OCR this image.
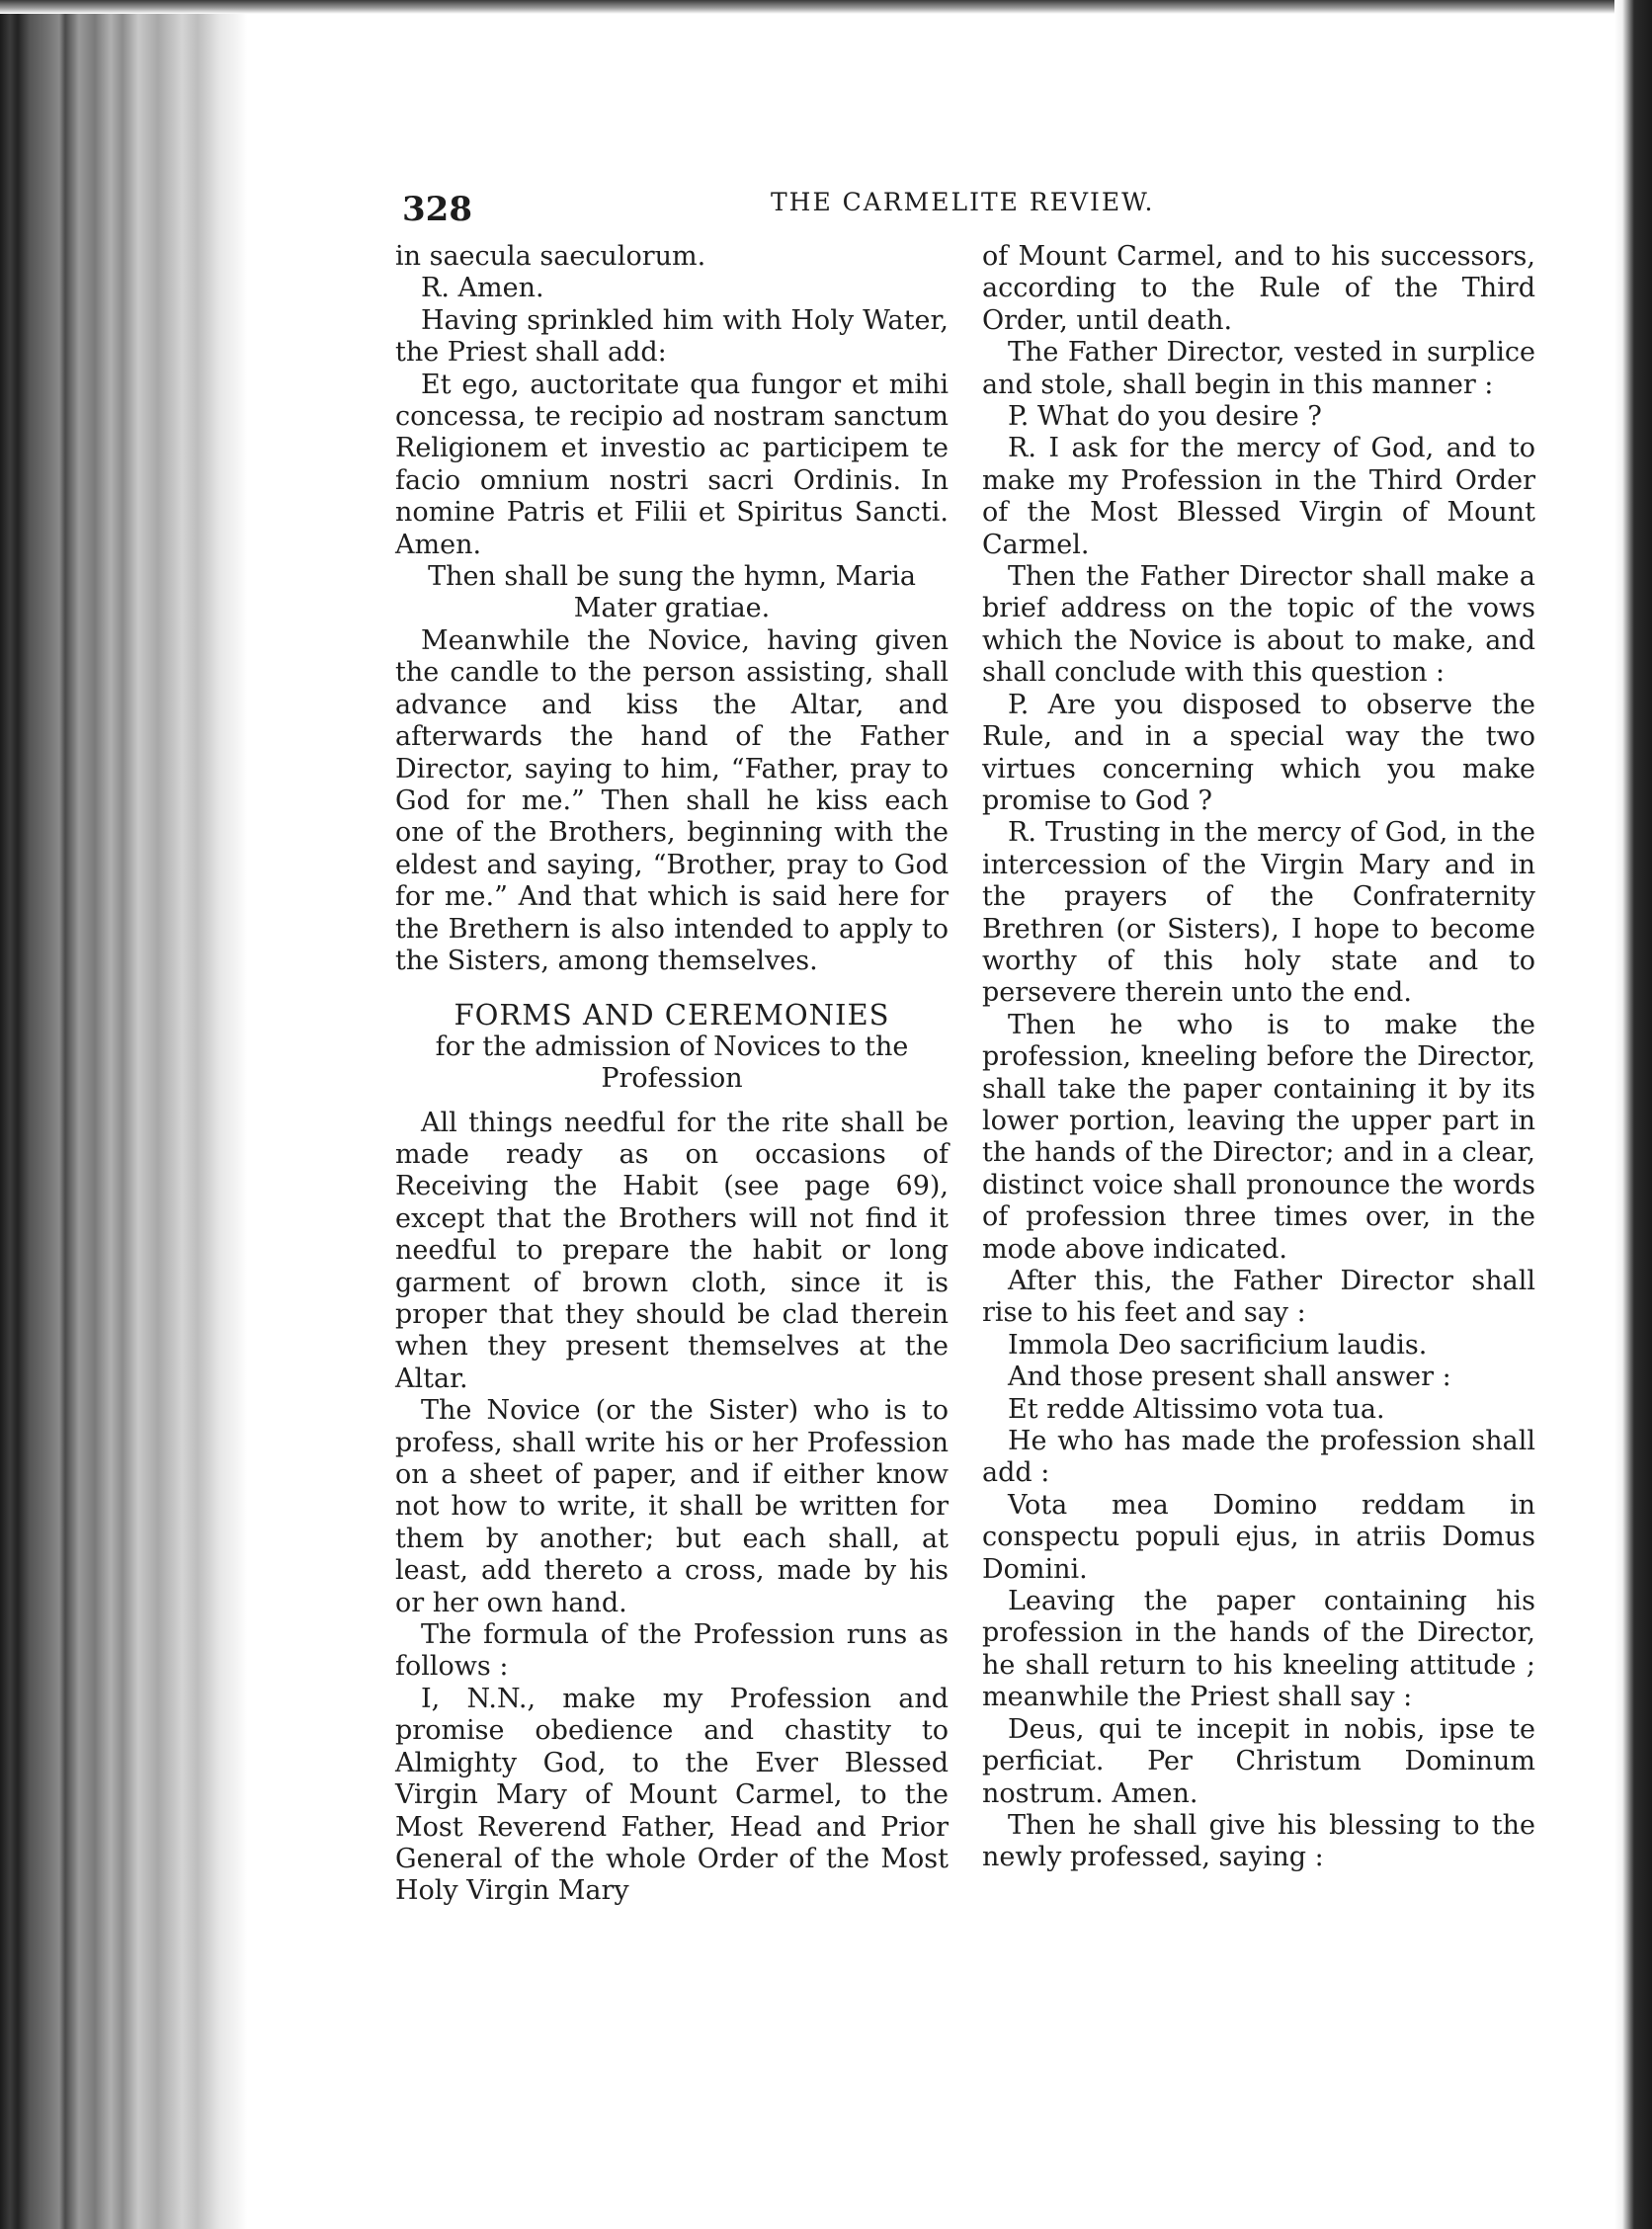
328	THE CARMELITE REVIEW.

in saecula saeculorum.

R. Amen.

Having sprinkled him with Holy Water, the Priest shall add:

Et ego, auctoritate qua fungor et mihi concessa, te recipio ad nostram sanctum Religionem et investio ac participem te facio omnium nostri sacri Ordinis. In nomine Patris et Filii et Spiritus Sancti. Amen.

Then shall be sung the hymn, Maria Mater gratiae.

Meanwhile the Novice, having given the candle to the person assisting, shall advance and kiss the Altar, and afterwards the hand of the Father Director, saying to him, “Father, pray to God for me.” Then shall he kiss each one of the Brothers, beginning with the eldest and saying, “Brother, pray to God for me.” And that which is said here for the Brethern is also intended to apply to the Sisters, among themselves.

FORMS AND CEREMONIES

for the admission of Novices to the Profession

All things needful for the rite shall be made ready as on occasions of Receiving the Habit (see page 69), except that the Brothers will not find it needful to prepare the habit or long garment of brown cloth, since it is proper that they should be clad therein when they present themselves at the Altar.

The Novice (or the Sister) who is to profess, shall write his or her Profession on a sheet of paper, and if either know not how to write, it shall be written for them by another; but each shall, at least, add thereto a cross, made by his or her own hand.

The formula of the Profession runs as follows :

I, N.N., make my Profession and promise obedience and chastity to Almighty God, to the Ever Blessed Virgin Mary of Mount Carmel, to the Most Reverend Father, Head and Prior General of the whole Order of the Most Holy Virgin Mary

of Mount Carmel, and to his successors, according to the Rule of the Third Order, until death.

The Father Director, vested in surplice and stole, shall begin in this manner :

P. What do you desire ?

R. I ask for the mercy of God, and to make my Profession in the Third Order of the Most Blessed Virgin of Mount Carmel.

Then the Father Director shall make a brief address on the topic of the vows which the Novice is about to make, and shall conclude with this question :

P. Are you disposed to observe the Rule, and in a special way the two virtues concerning which you make promise to God ?

R. Trusting in the mercy of God, in the intercession of the Virgin Mary and in the prayers of the Confraternity Brethren (or Sisters), I hope to become worthy of this holy state and to persevere therein unto the end.

Then he who is to make the profession, kneeling before the Director, shall take the paper containing it by its lower portion, leaving the upper part in the hands of the Director; and in a clear, distinct voice shall pronounce the words of profession three times over, in the mode above indicated.

After this, the Father Director shall rise to his feet and say :

Immola Deo sacrificium laudis.

And those present shall answer :

Et redde Altissimo vota tua.

He who has made the profession shall add :

Vota mea Domino reddam in conspectu populi ejus, in atriis Domus Domini.

Leaving the paper containing his profession in the hands of the Director, he shall return to his kneeling attitude ; meanwhile the Priest shall say :

Deus, qui te incepit in nobis, ipse te perficiat. Per Christum Dominum nostrum. Amen.

Then he shall give his blessing to the newly professed, saying :
